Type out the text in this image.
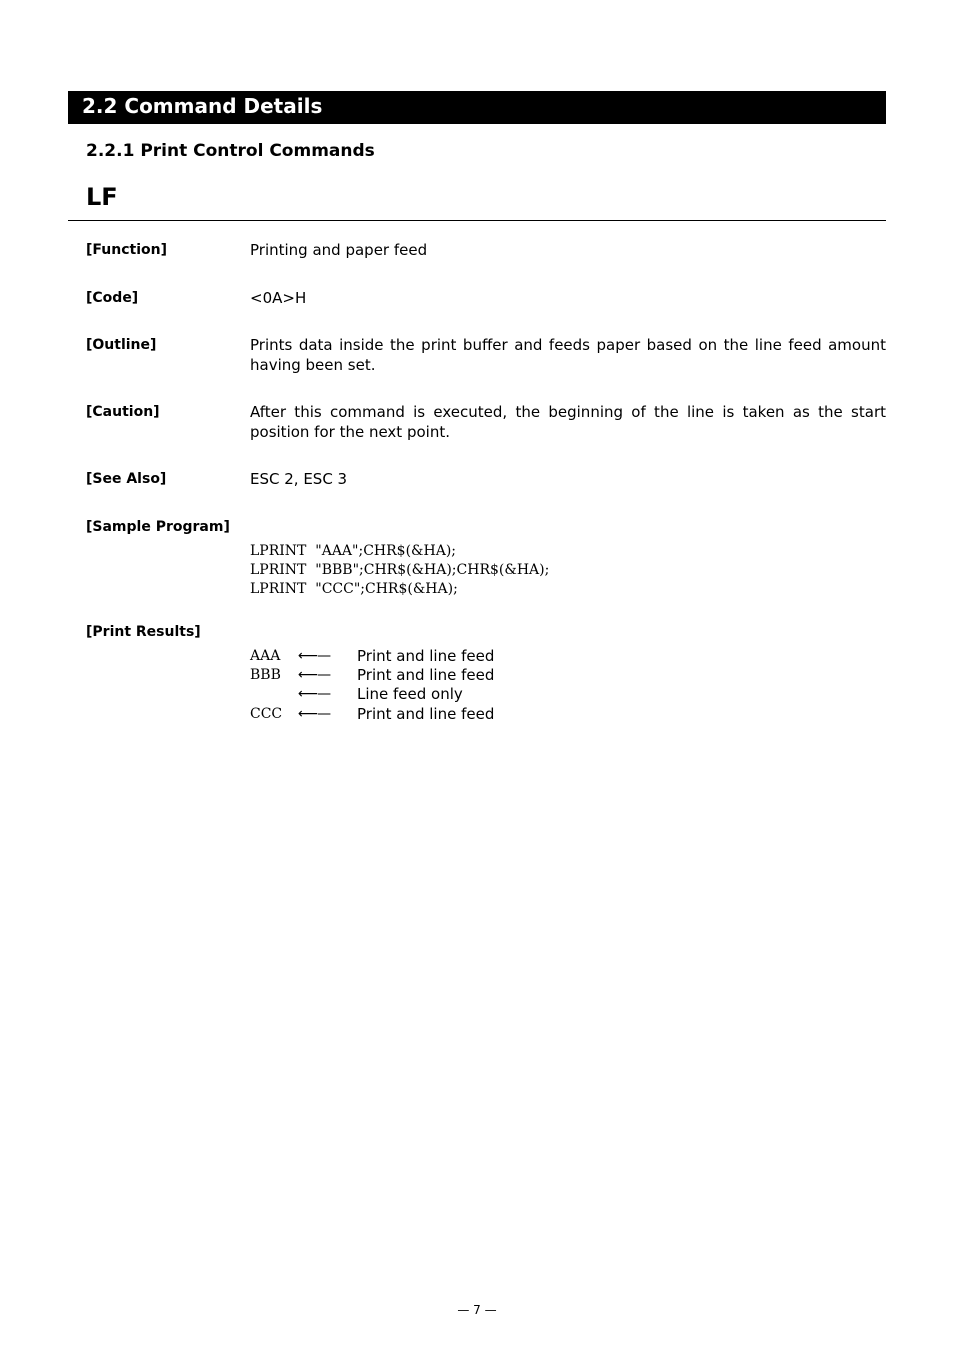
2.2 Command Details
2.2.1 Print Control Commands
LF
[Function]	Printing and paper feed
[Code]	<0A>H
[Outline]	Prints data inside the print buffer and feeds paper based on the line feed amount having been set.
[Caution]	After this command is executed, the beginning of the line is taken as the start position for the next point.
[See Also]	ESC 2, ESC 3
[Sample Program]
LPRINT  "AAA";CHR$(&HA);
LPRINT  "BBB";CHR$(&HA);CHR$(&HA);
LPRINT  "CCC";CHR$(&HA);
[Print Results]
AAA ⟵— Print and line feed
BBB ⟵— Print and line feed
⟵— Line feed only
CCC ⟵— Print and line feed
— 7 —
